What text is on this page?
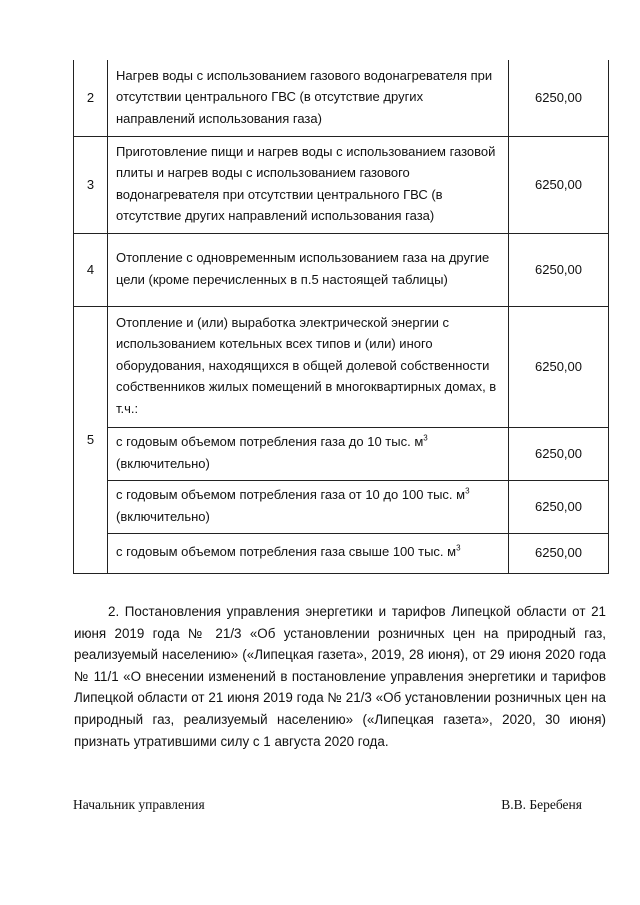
2	Нагрев воды с использованием газового водонагревателя при отсутствии центрального ГВС (в отсутствие других направлений использования газа)	6250,00
3	Приготовление пищи и нагрев воды с использованием газовой плиты и нагрев воды с использованием газового водонагревателя при отсутствии центрального ГВС (в отсутствие других направлений использования газа)	6250,00
4	Отопление с одновременным использованием газа на другие цели (кроме перечисленных в п.5 настоящей таблицы)	6250,00
5	Отопление и (или) выработка электрической энергии с использованием котельных всех типов и (или) иного оборудования, находящихся в общей долевой собственности собственников жилых помещений в многоквартирных домах, в т.ч.:	6250,00
	с годовым объемом потребления газа до 10 тыс. $м^3$ (включительно)	6250,00
	с годовым объемом потребления газа от 10 до 100 тыс. $м^3$ (включительно)	6250,00
	с годовым объемом потребления газа свыше 100 тыс. $м^3$	6250,00

2. Постановления управления энергетики и тарифов Липецкой области от 21 июня 2019 года № 21/3 «Об установлении розничных цен на природный газ, реализуемый населению» («Липецкая газета», 2019, 28 июня), от 29 июня 2020 года № 11/1 «О внесении изменений в постановление управления энергетики и тарифов Липецкой области от 21 июня 2019 года № 21/3 «Об установлении розничных цен на природный газ, реализуемый населению» («Липецкая газета», 2020, 30 июня) признать утратившими силу с 1 августа 2020 года.

Начальник управления	В.В. Беребеня
